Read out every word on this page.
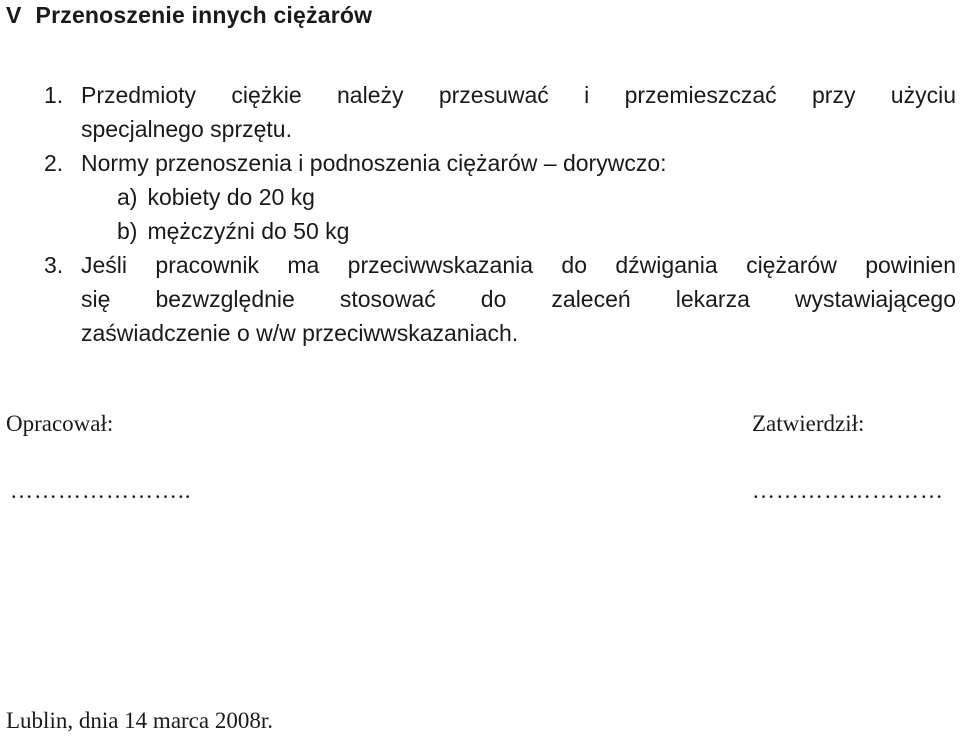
V Przenoszenie innych ciężarów
1. Przedmioty ciężkie należy przesuwać i przemieszczać przy użyciu
specjalnego sprzętu.
2. Normy przenoszenia i podnoszenia ciężarów – dorywczo:
a) kobiety do 20 kg
b) mężczyźni do 50 kg
3. Jeśli pracownik ma przeciwwskazania do dźwigania ciężarów powinien
się bezwzględnie stosować do zaleceń lekarza wystawiającego
zaświadczenie o w/w przeciwwskazaniach.
Opracował:
…………………..
Zatwierdził:
……………………
Lublin, dnia 14 marca 2008r.
